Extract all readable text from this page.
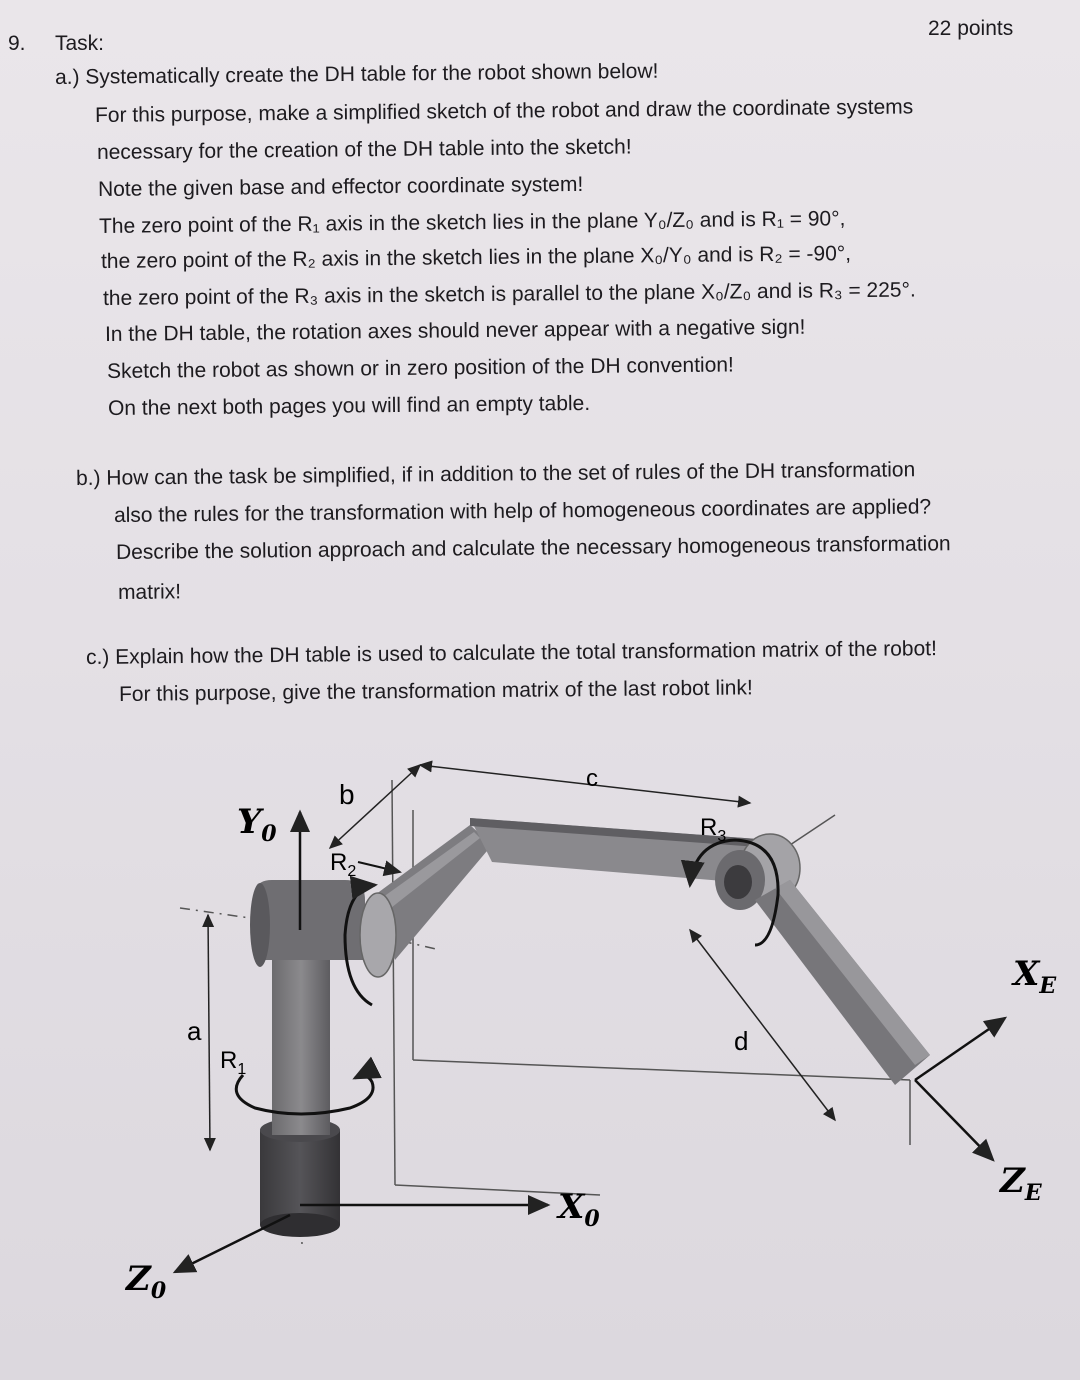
9. Task:
22 points
a.) Systematically create the DH table for the robot shown below!
For this purpose, make a simplified sketch of the robot and draw the coordinate systems
necessary for the creation of the DH table into the sketch!
Note the given base and effector coordinate system!
The zero point of the R₁ axis in the sketch lies in the plane Y₀/Z₀ and is R₁ = 90°,
the zero point of the R₂ axis in the sketch lies in the plane X₀/Y₀ and is R₂ = -90°,
the zero point of the R₃ axis in the sketch is parallel to the plane X₀/Z₀ and is R₃ = 225°.
In the DH table, the rotation axes should never appear with a negative sign!
Sketch the robot as shown or in zero position of the DH convention!
On the next both pages you will find an empty table.
b.) How can the task be simplified, if in addition to the set of rules of the DH transformation
also the rules for the transformation with help of homogeneous coordinates are applied?
Describe the solution approach and calculate the necessary homogeneous transformation
matrix!
c.) Explain how the DH table is used to calculate the total transformation matrix of the robot!
For this purpose, give the transformation matrix of the last robot link!
$Y_0$
$Z_0$
$X_0$
$X_E$
$Z_E$
$R_1$
$R_2$
$R_3$
a
b
c
d
